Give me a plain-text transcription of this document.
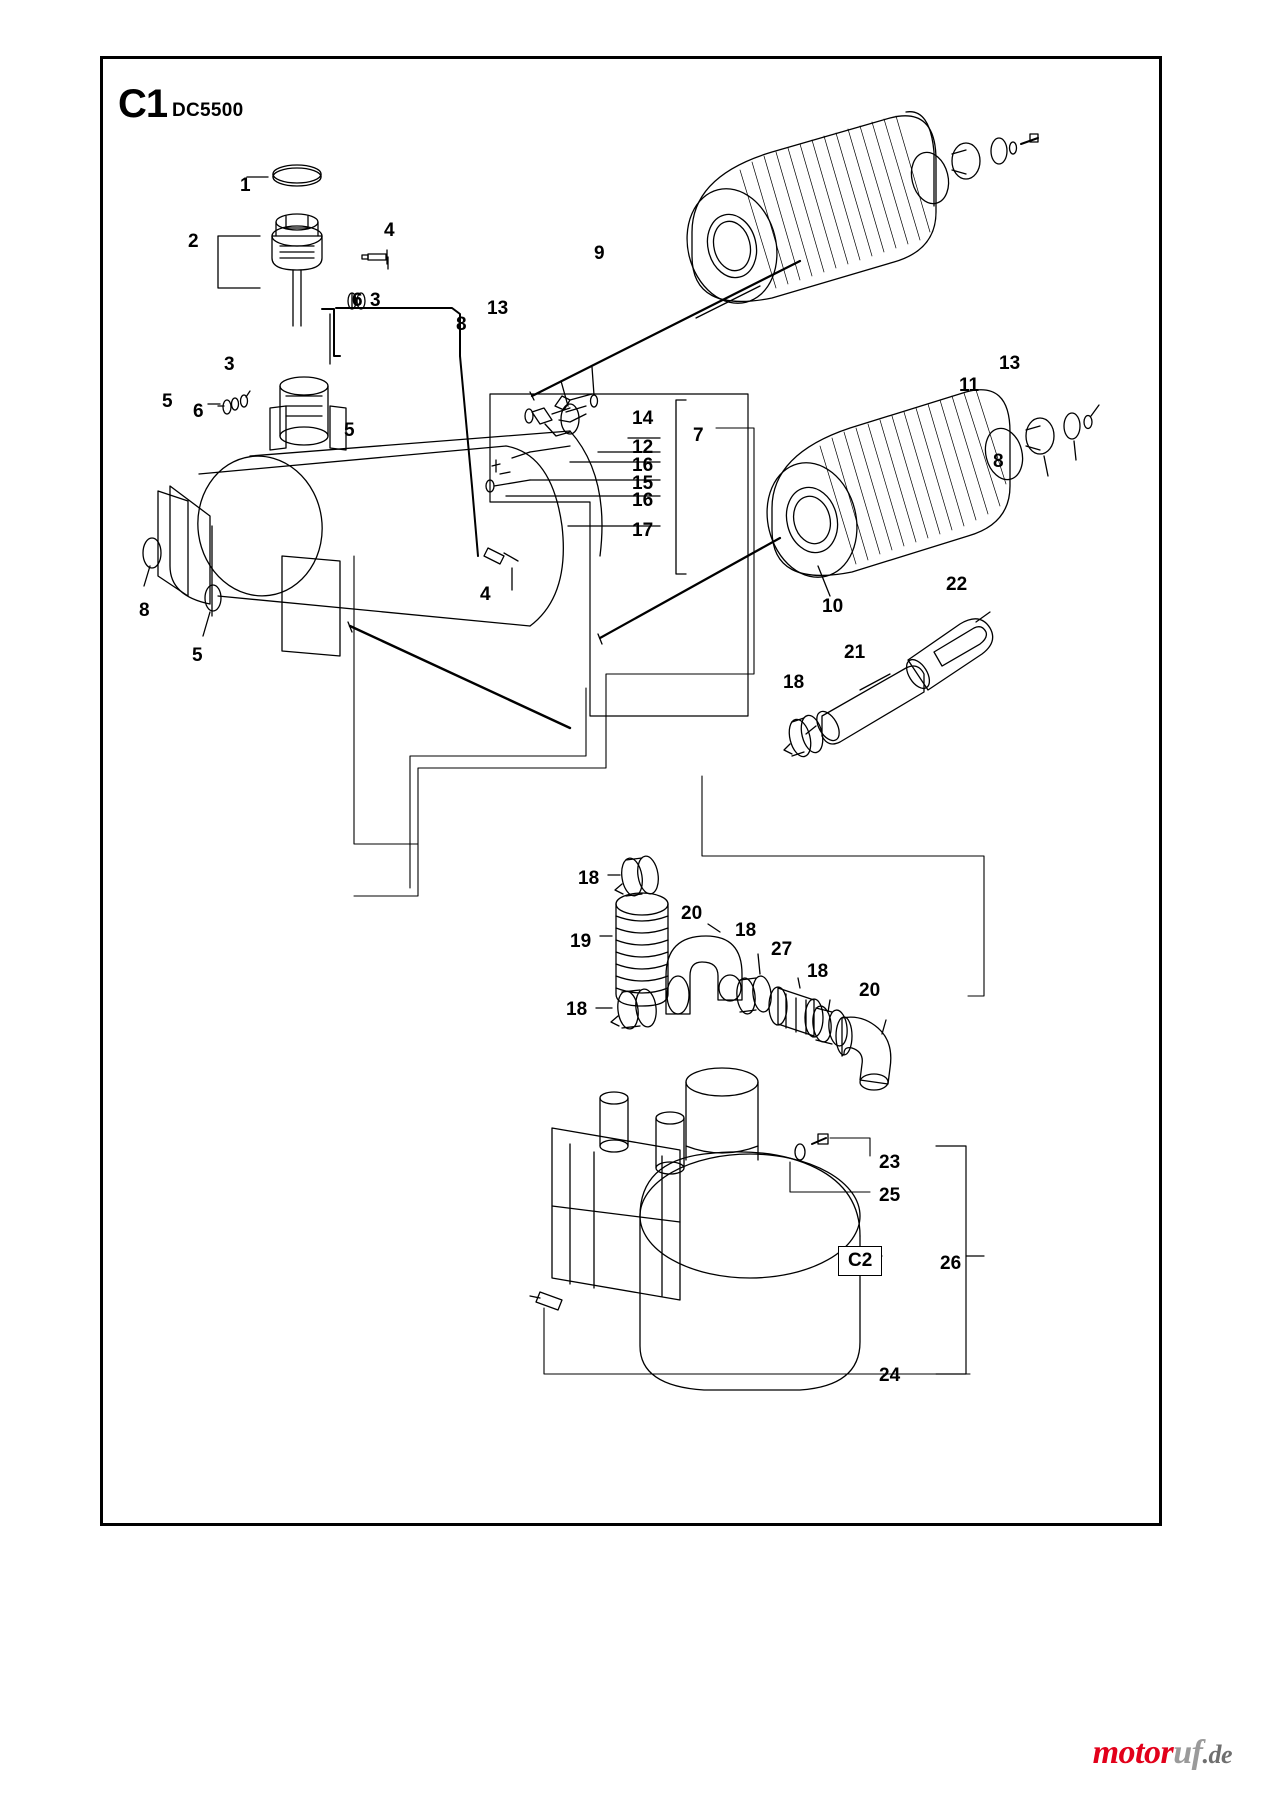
C1 DC5500
1
2
4
6 3
8
13
9
3
5 6
5
14
7
12
16
15
16
17
11
13
8
8
5
4
10
22
21
18
18
19
20
18
27
18
20
18
23
25
26
24
C2
motoruf.de
